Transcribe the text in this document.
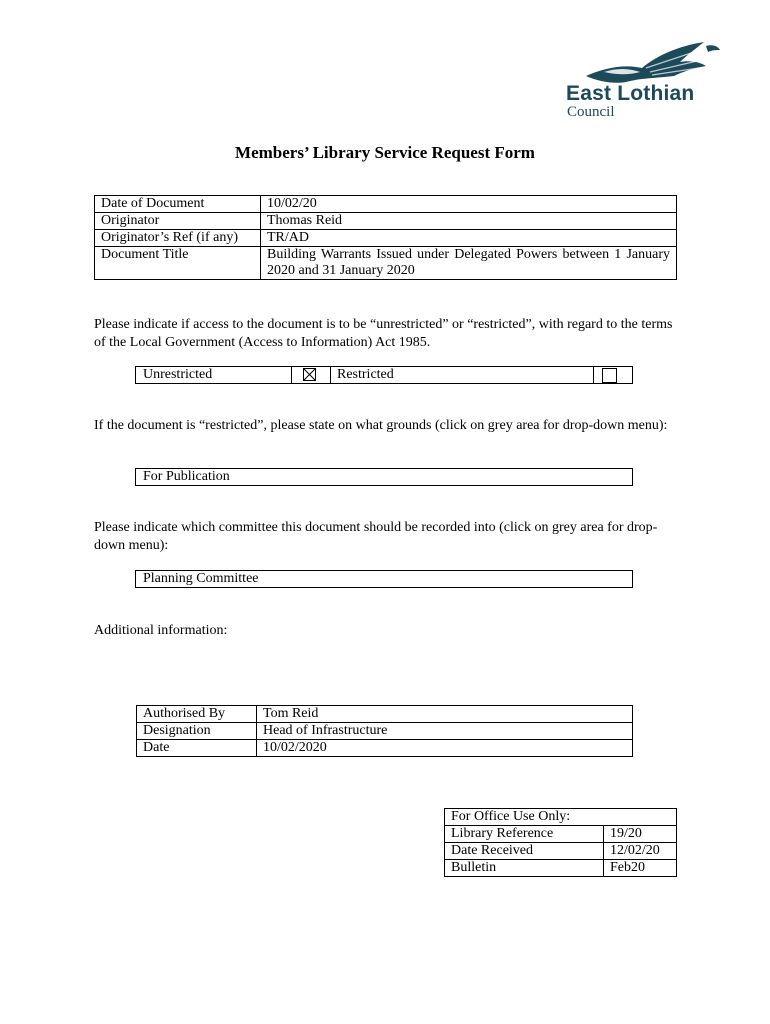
East Lothian
Council
Members’ Library Service Request Form
Date of Document	10/02/20
Originator	Thomas Reid
Originator’s Ref (if any)	TR/AD
Document Title	Building Warrants Issued under Delegated Powers between 1 January 2020 and 31 January 2020
Please indicate if access to the document is to be “unrestricted” or “restricted”, with regard to the terms of the Local Government (Access to Information) Act 1985.
Unrestricted	Restricted
If the document is “restricted”, please state on what grounds (click on grey area for drop-down menu):
For Publication
Please indicate which committee this document should be recorded into (click on grey area for drop-down menu):
Planning Committee
Additional information:
Authorised By	Tom Reid
Designation	Head of Infrastructure
Date	10/02/2020
For Office Use Only:	
Library Reference	19/20
Date Received	12/02/20
Bulletin	Feb20
